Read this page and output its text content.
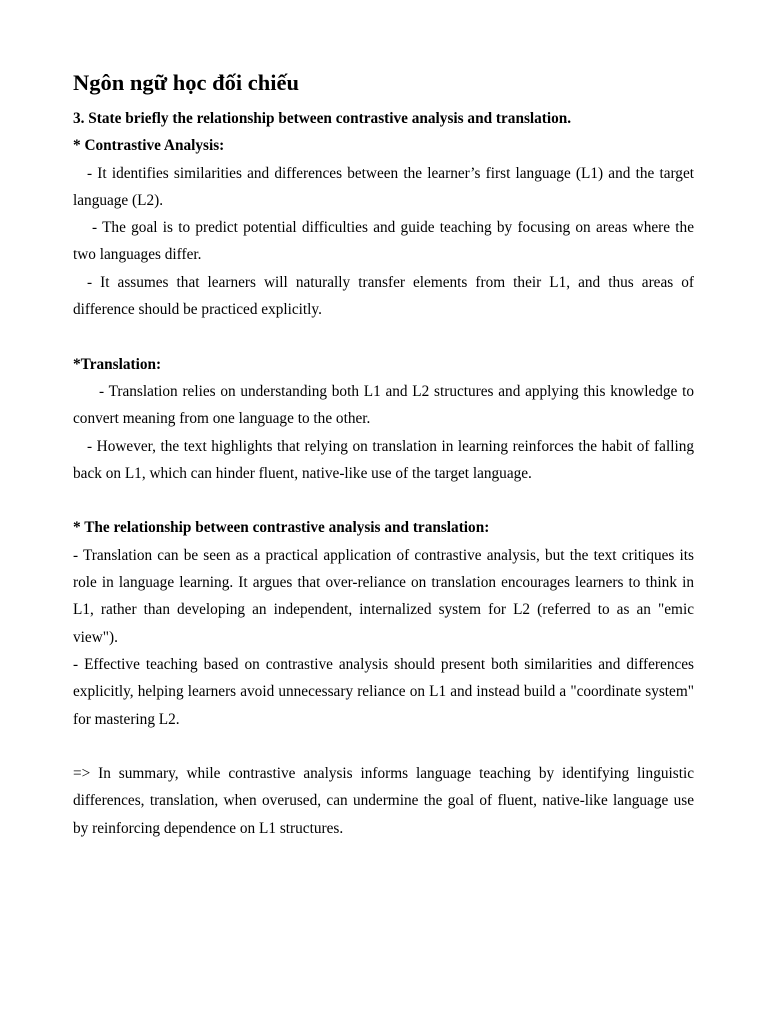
Ngôn ngữ học đối chiếu

3. State briefly the relationship between contrastive analysis and translation.

* Contrastive Analysis:

- It identifies similarities and differences between the learner’s first language (L1) and the target language (L2).

- The goal is to predict potential difficulties and guide teaching by focusing on areas where the two languages differ.

- It assumes that learners will naturally transfer elements from their L1, and thus areas of difference should be practiced explicitly.

*Translation:

- Translation relies on understanding both L1 and L2 structures and applying this knowledge to convert meaning from one language to the other.

- However, the text highlights that relying on translation in learning reinforces the habit of falling back on L1, which can hinder fluent, native-like use of the target language.

* The relationship between contrastive analysis and translation:

- Translation can be seen as a practical application of contrastive analysis, but the text critiques its role in language learning. It argues that over-reliance on translation encourages learners to think in L1, rather than developing an independent, internalized system for L2 (referred to as an "emic view").

- Effective teaching based on contrastive analysis should present both similarities and differences explicitly, helping learners avoid unnecessary reliance on L1 and instead build a "coordinate system" for mastering L2.

=> In summary, while contrastive analysis informs language teaching by identifying linguistic differences, translation, when overused, can undermine the goal of fluent, native-like language use by reinforcing dependence on L1 structures.
